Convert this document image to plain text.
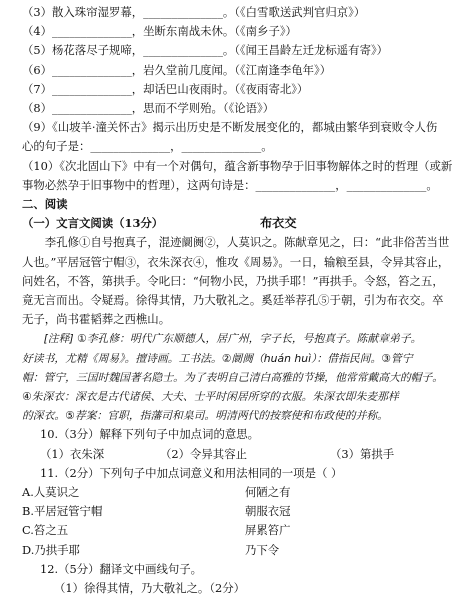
（3）散入珠帘湿罗幕，______________。（《白雪歌送武判官归京》）
（4）______________，坐断东南战未休。（《南乡子》）
（5）杨花落尽子规啼，______________。（《闻王昌龄左迁龙标遥有寄》）
（6）______________，岩久堂前几度闻。（《江南逢李龟年》）
（7）______________，却话巴山夜雨时。（《夜雨寄北》）
（8）______________，思而不学则殆。（《论语》）
（9）《山坡羊·潼关怀古》揭示出历史是不断发展变化的，都城由繁华到衰败令人伤
心的句子是：______________，______________。
（10）《次北固山下》中有一个对偶句，蕴含新事物孕于旧事物解体之时的哲理（或新
事物必然孕于旧事物中的哲理），这两句诗是：______________，______________。
二、阅读
（一）文言文阅读（13分）	布衣交
李孔修①自号抱真子，混迹阛阓②，人莫识之。陈献章见之，曰：“此非俗苦当世
人也。”平居冠管宁帽③，衣朱深衣④，惟攻《周易》。一日，输粮至县，令异其容止，
问姓名，不答，第拱手。令叱曰：“何物小民，乃拱手耶！”再拱手。令怒，笞之五，
竟无言而出。令疑焉。徐得其情，乃大敬礼之。奚廷举荐孔⑤于朝，引为布衣交。卒
无子，尚书霍韬葬之西樵山。
[注释] ①李孔修：明代广东顺德人，居广州，字子长，号抱真子。陈献章弟子。
好读书，尤精《周易》。擅诗画。工书法。②阛阓（huán huì）：借指民间。③管宁
帽：管宁，三国时魏国著名隐士。为了表明自己清白高雅的节操，他常常戴高大的帽子。
④朱深衣：深衣是古代诸侯、大夫、士平时闲居所穿的衣服。朱深衣即朱麦那样
的深衣。⑤荐案：官职，指藩司和臬司。明清两代的按察使和布政使的并称。
10.（3分）解释下列句子中加点词的意思。
（1）衣朱深	（2）令异其容止	（3）第拱手
11.（2分）下列句子中加点词意义和用法相同的一项是（ ）
A.人莫识之	何陋之有
B.平居冠管宁帽	朝服衣冠
C.笞之五	屏累笞广
D.乃拱手耶	乃下令
12.（5分）翻译文中画线句子。
（1）徐得其情，乃大敬礼之。（2分）
